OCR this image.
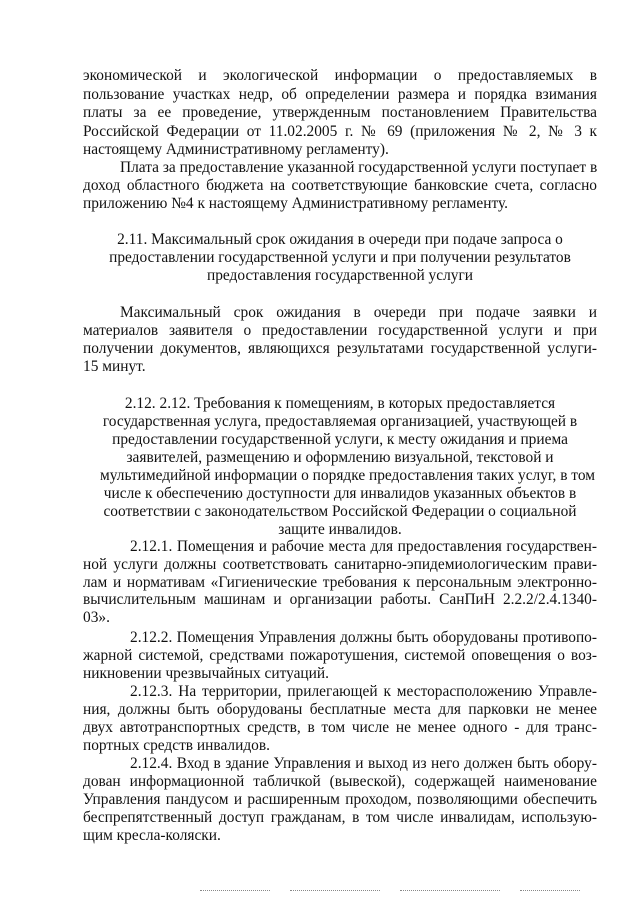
экономической и экологической информации о предоставляемых в
пользование участках недр, об определении размера и порядка взимания
платы за ее проведение, утвержденным постановлением Правительства
Российской Федерации от 11.02.2005 г. № 69 (приложения № 2, № 3 к
настоящему Административному регламенту).
Плата за предоставление указанной государственной услуги поступает в
доход областного бюджета на соответствующие банковские счета, согласно
приложению №4 к настоящему Административному регламенту.
2.11. Максимальный срок ожидания в очереди при подаче запроса о
предоставлении государственной услуги и при получении результатов
предоставления государственной услуги
Максимальный срок ожидания в очереди при подаче заявки и
материалов заявителя о предоставлении государственной услуги и при
получении документов, являющихся результатами государственной услуги-
15 минут.
2.12. 2.12. Требования к помещениям, в которых предоставляется
государственная услуга, предоставляемая организацией, участвующей в
предоставлении государственной услуги, к месту ожидания и приема
заявителей, размещению и оформлению визуальной, текстовой и
мультимедийной информации о порядке предоставления таких услуг, в том
числе к обеспечению доступности для инвалидов указанных объектов в
соответствии с законодательством Российской Федерации о социальной
защите инвалидов.
2.12.1. Помещения и рабочие места для предоставления государствен-
ной услуги должны соответствовать санитарно-эпидемиологическим прави-
лам и нормативам «Гигиенические требования к персональным электронно-
вычислительным машинам и организации работы. СанПиН 2.2.2/2.4.1340-
03».
2.12.2. Помещения Управления должны быть оборудованы противопо-
жарной системой, средствами пожаротушения, системой оповещения о воз-
никновении чрезвычайных ситуаций.
2.12.3. На территории, прилегающей к месторасположению Управле-
ния, должны быть оборудованы бесплатные места для парковки не менее
двух автотранспортных средств, в том числе не менее одного - для транс-
портных средств инвалидов.
2.12.4. Вход в здание Управления и выход из него должен быть обору-
дован информационной табличкой (вывеской), содержащей наименование
Управления пандусом и расширенным проходом, позволяющими обеспечить
беспрепятственный доступ гражданам, в том числе инвалидам, использую-
щим кресла-коляски.
